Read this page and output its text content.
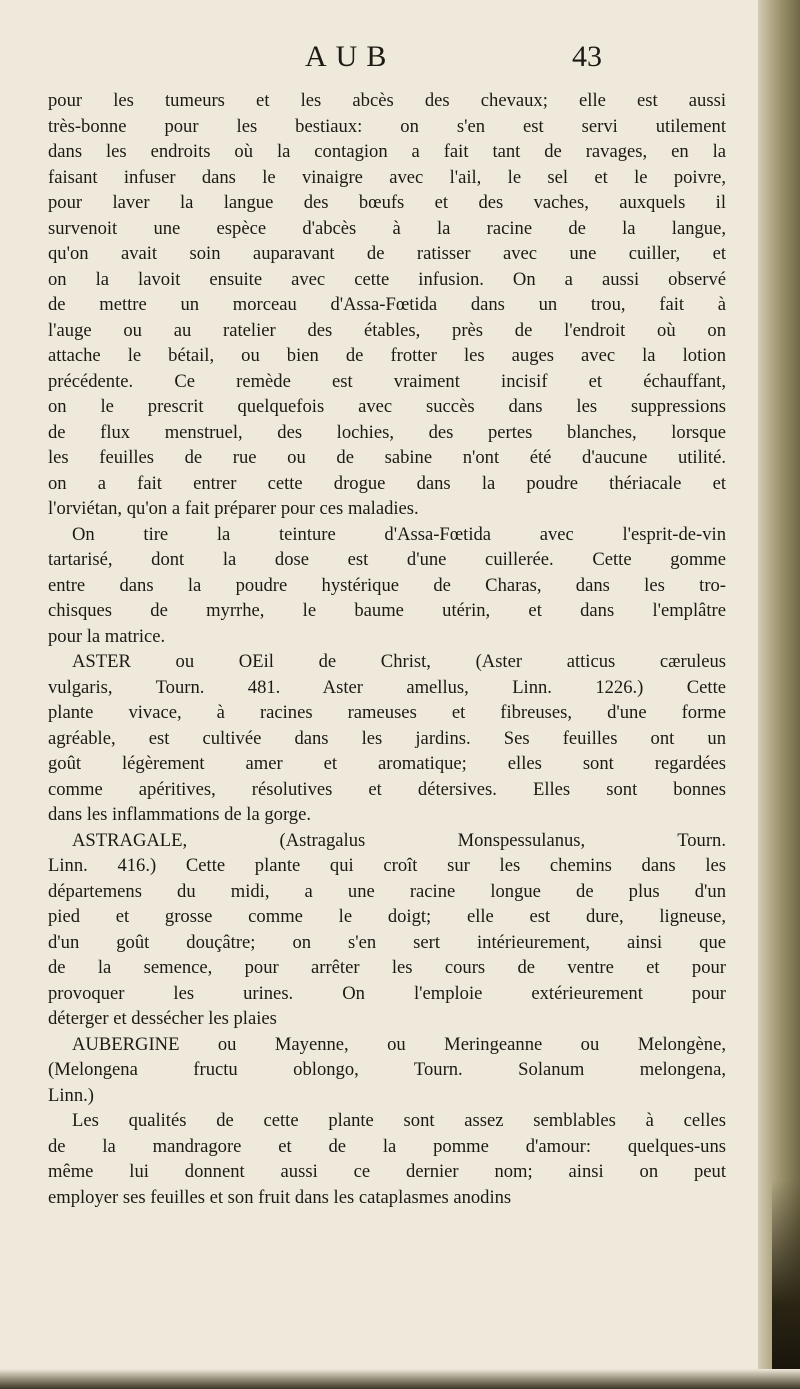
AUB	43
pour les tumeurs et les abcès des chevaux; elle est aussi
très-bonne pour les bestiaux: on s'en est servi utilement
dans les endroits où la contagion a fait tant de ravages, en la
faisant infuser dans le vinaigre avec l'ail, le sel et le poivre,
pour laver la langue des bœufs et des vaches, auxquels il
survenoit une espèce d'abcès à la racine de la langue,
qu'on avait soin auparavant de ratisser avec une cuiller, et
on la lavoit ensuite avec cette infusion. On a aussi observé
de mettre un morceau d'Assa-Fœtida dans un trou, fait à
l'auge ou au ratelier des étables, près de l'endroit où on
attache le bétail, ou bien de frotter les auges avec la lotion
précédente. Ce remède est vraiment incisif et échauffant,
on le prescrit quelquefois avec succès dans les suppressions
de flux menstruel, des lochies, des pertes blanches, lorsque
les feuilles de rue ou de sabine n'ont été d'aucune utilité.
on a fait entrer cette drogue dans la poudre thériacale et
l'orviétan, qu'on a fait préparer pour ces maladies.
On tire la teinture d'Assa-Fœtida avec l'esprit-de-vin
tartarisé, dont la dose est d'une cuillerée. Cette gomme
entre dans la poudre hystérique de Charas, dans les tro-
chisques de myrrhe, le baume utérin, et dans l'emplâtre
pour la matrice.
ASTER ou OEil de Christ, (Aster atticus cæruleus
vulgaris, Tourn. 481. Aster amellus, Linn. 1226.) Cette
plante vivace, à racines rameuses et fibreuses, d'une forme
agréable, est cultivée dans les jardins. Ses feuilles ont un
goût légèrement amer et aromatique; elles sont regardées
comme apéritives, résolutives et détersives. Elles sont bonnes
dans les inflammations de la gorge.
ASTRAGALE, (Astragalus Monspessulanus, Tourn.
Linn. 416.) Cette plante qui croît sur les chemins dans les
départemens du midi, a une racine longue de plus d'un
pied et grosse comme le doigt; elle est dure, ligneuse,
d'un goût douçâtre; on s'en sert intérieurement, ainsi que
de la semence, pour arrêter les cours de ventre et pour
provoquer les urines. On l'emploie extérieurement pour
déterger et dessécher les plaies
AUBERGINE ou Mayenne, ou Meringeanne ou Melongène,
(Melongena fructu oblongo, Tourn. Solanum melongena,
Linn.)
Les qualités de cette plante sont assez semblables à celles
de la mandragore et de la pomme d'amour: quelques-uns
même lui donnent aussi ce dernier nom; ainsi on peut
employer ses feuilles et son fruit dans les cataplasmes anodins
